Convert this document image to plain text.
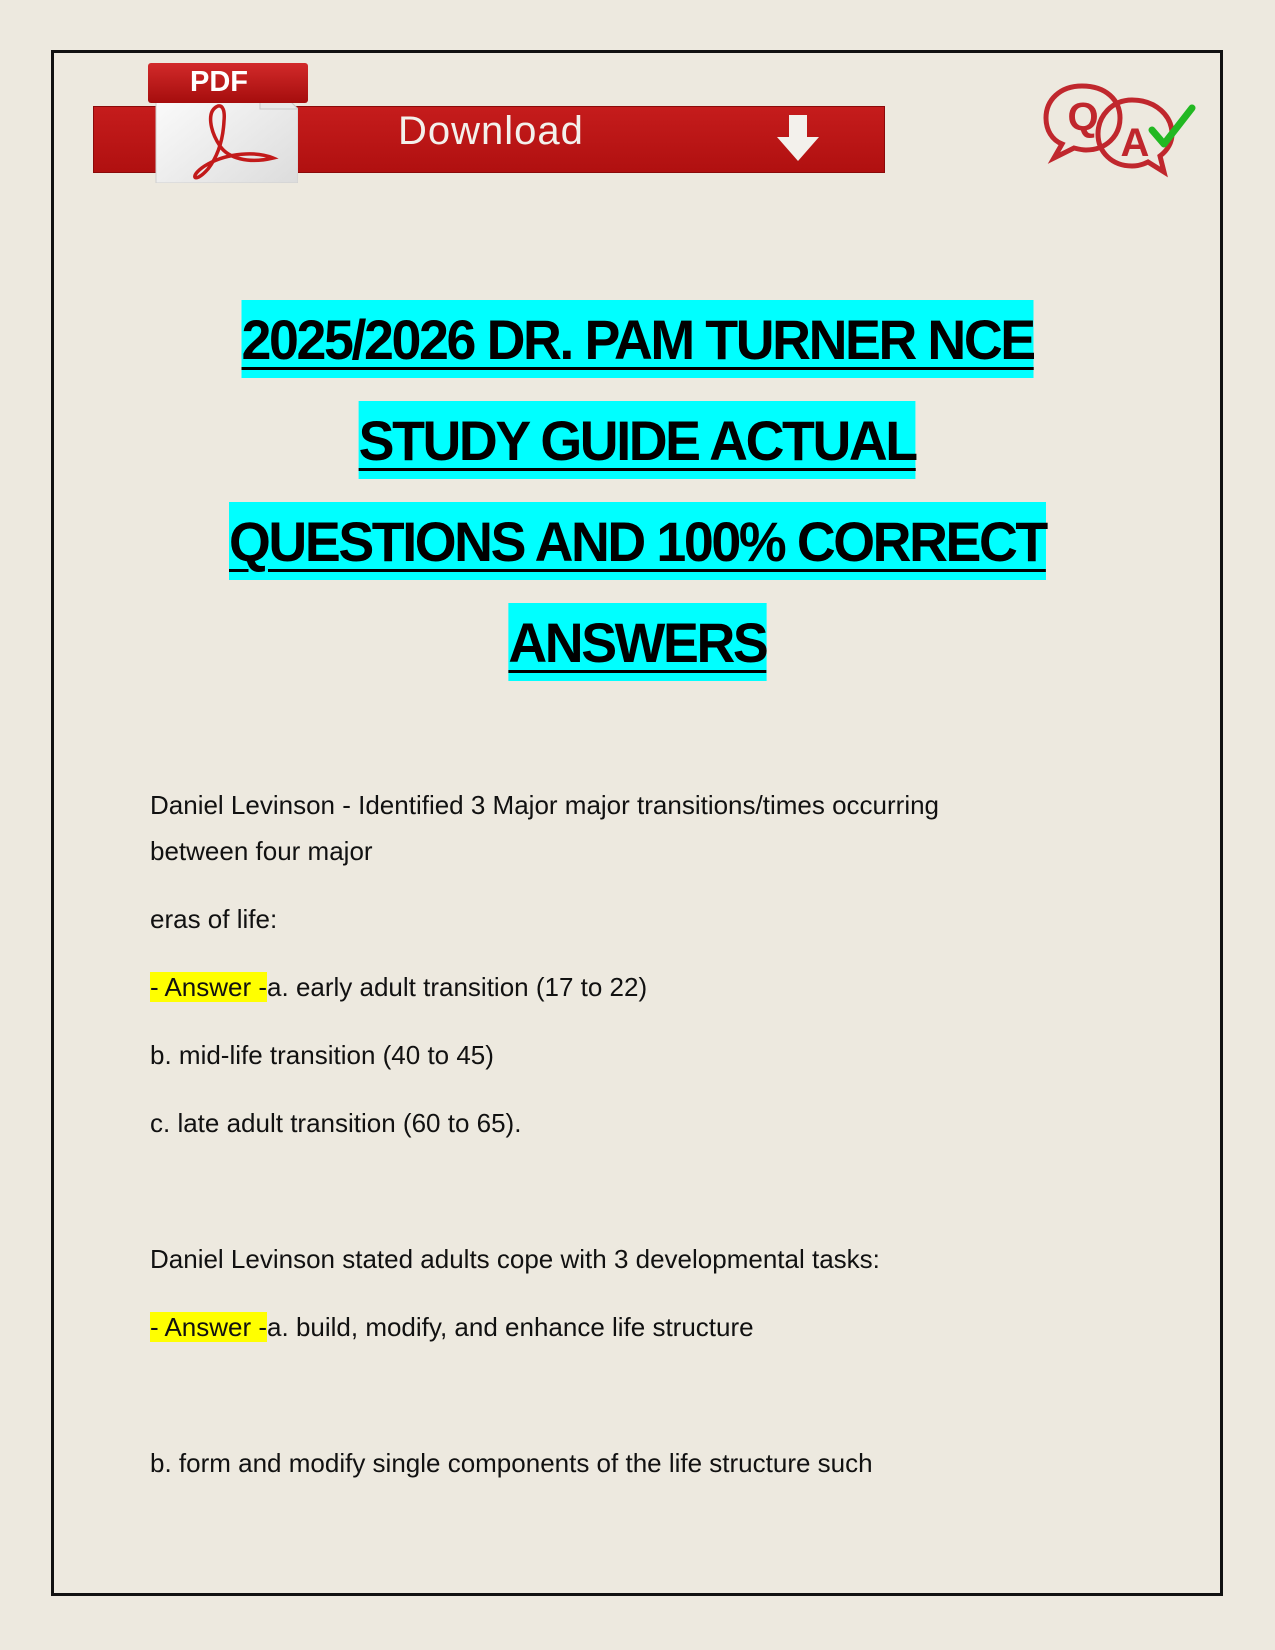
Download
PDF
Q
A
2025/2026 DR. PAM TURNER NCE
STUDY GUIDE ACTUAL
QUESTIONS AND 100% CORRECT
ANSWERS
Daniel Levinson - Identified 3 Major major transitions/times occurring
between four major
eras of life:
- Answer -a. early adult transition (17 to 22)
b. mid-life transition (40 to 45)
c. late adult transition (60 to 65).
Daniel Levinson stated adults cope with 3 developmental tasks:
- Answer -a. build, modify, and enhance life structure
b. form and modify single components of the life structure such
